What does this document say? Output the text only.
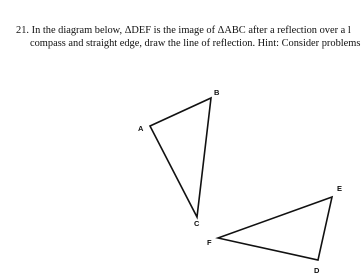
21. In the diagram below, ΔDEF is the image of ΔABC after a reflection over a l
compass and straight edge, draw the line of reflection. Hint: Consider problems
A
B
C
D
E
F
